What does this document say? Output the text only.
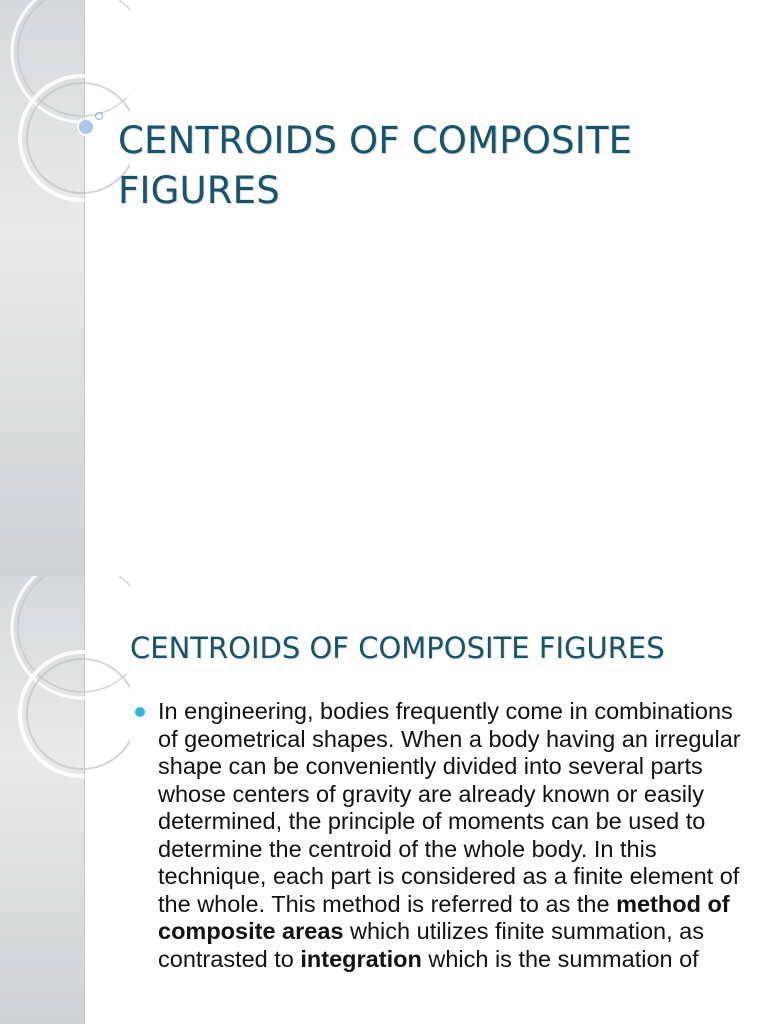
CENTROIDS OF COMPOSITE
FIGURES
CENTROIDS OF COMPOSITE FIGURES
In engineering, bodies frequently come in combinations of geometrical shapes. When a body having an irregular shape can be conveniently divided into several parts whose centers of gravity are already known or easily determined, the principle of moments can be used to determine the centroid of the whole body. In this technique, each part is considered as a finite element of the whole. This method is referred to as the method of composite areas which utilizes finite summation, as contrasted to integration which is the summation of
